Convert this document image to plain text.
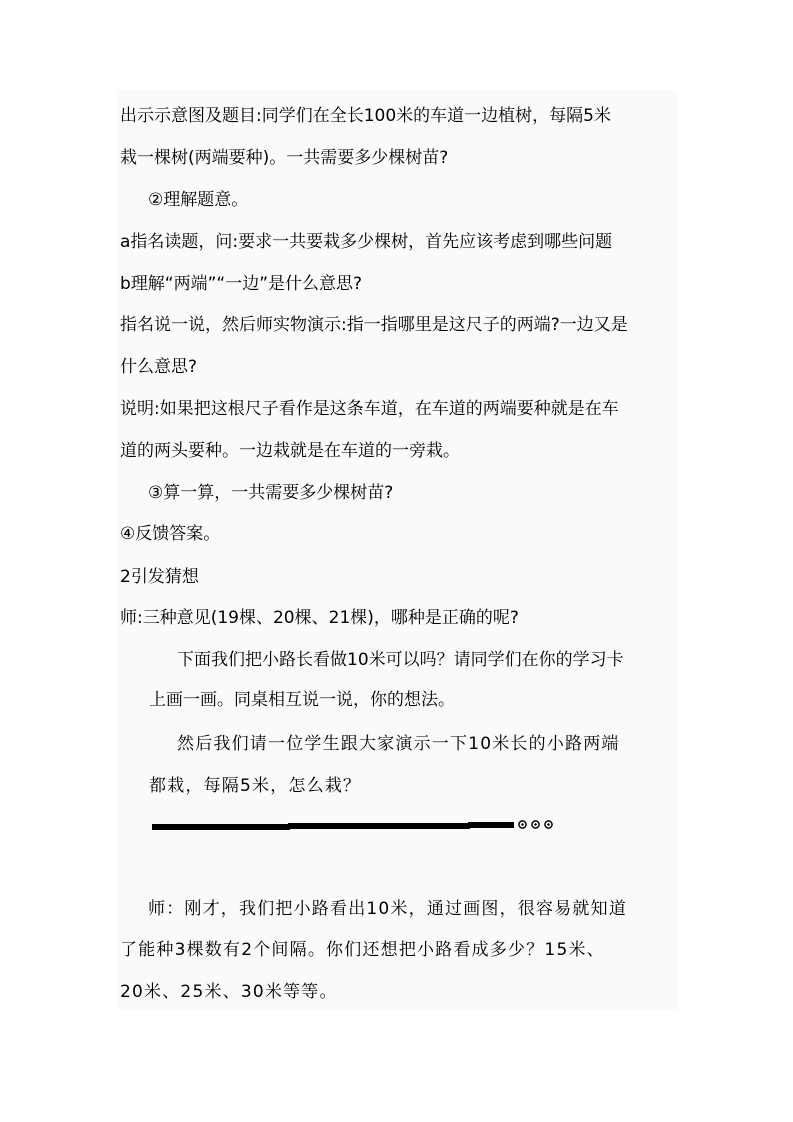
出示示意图及题目:同学们在全长100米的车道一边植树，每隔5米
栽一棵树(两端要种)。一共需要多少棵树苗?
②理解题意。
a指名读题，问:要求一共要栽多少棵树，首先应该考虑到哪些问题
b理解“两端”“一边”是什么意思?
指名说一说，然后师实物演示:指一指哪里是这尺子的两端?一边又是
什么意思?
说明:如果把这根尺子看作是这条车道，在车道的两端要种就是在车
道的两头要种。一边栽就是在车道的一旁栽。
③算一算，一共需要多少棵树苗?
④反馈答案。
2引发猜想
师:三种意见(19棵、20棵、21棵)，哪种是正确的呢?
下面我们把小路长看做10米可以吗？请同学们在你的学习卡
上画一画。同桌相互说一说，你的想法。
然后我们请一位学生跟大家演示一下10米长的小路两端
都栽，每隔5米，怎么栽？
师：刚才，我们把小路看出10米，通过画图，很容易就知道
了能种3棵数有2个间隔。你们还想把小路看成多少？15米、
20米、25米、30米等等。
